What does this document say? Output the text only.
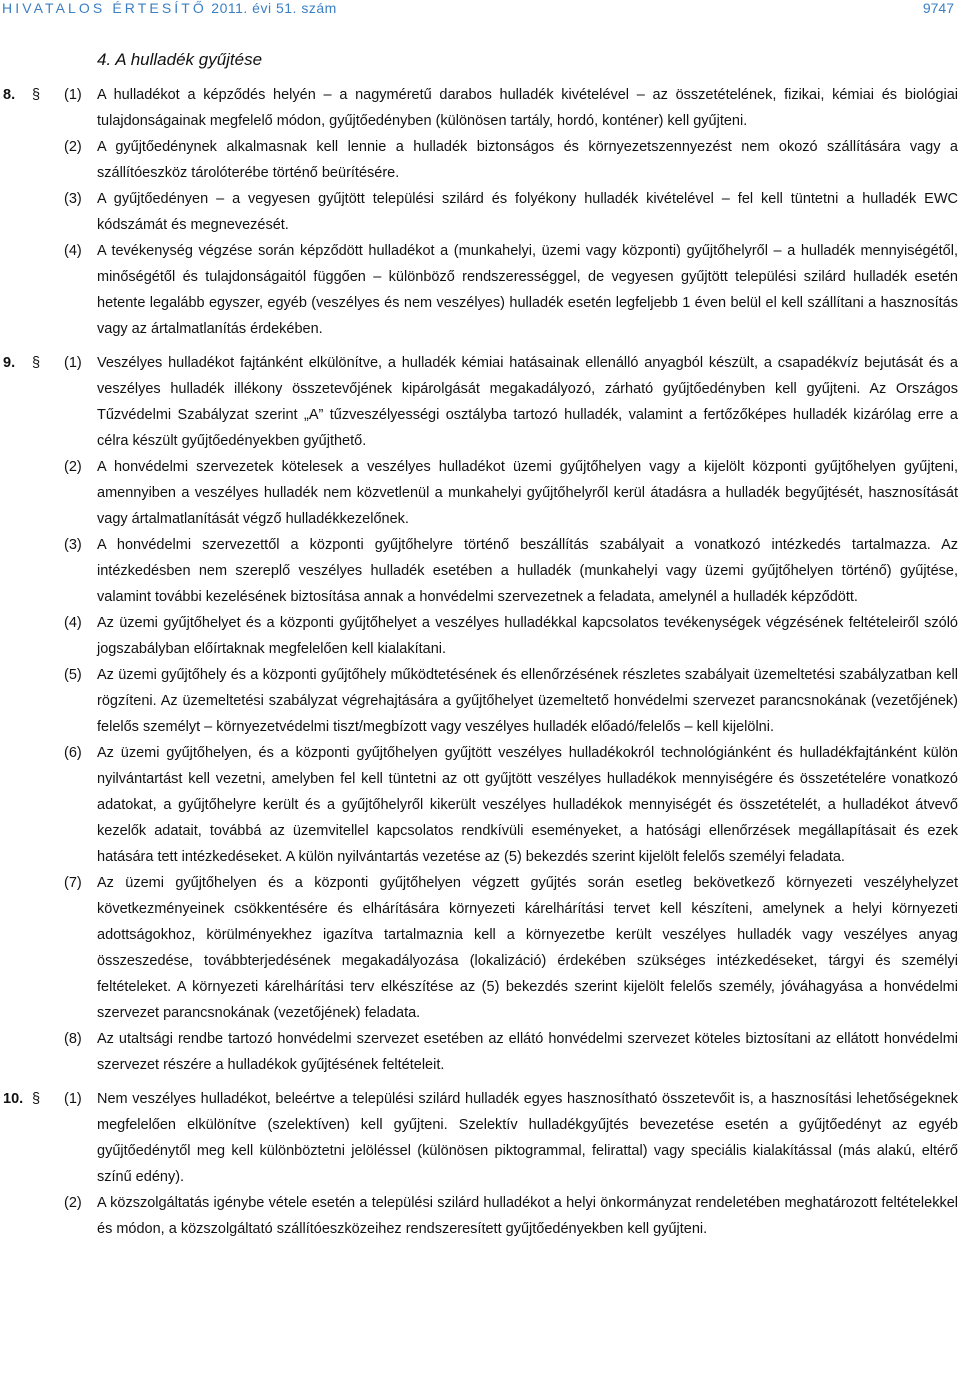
HIVATALOS ÉRTESÍTŐ 2011. évi 51. szám	9747
4. A hulladék gyűjtése
8. § (1) A hulladékot a képződés helyén – a nagyméretű darabos hulladék kivételével – az összetételének, fizikai, kémiai és biológiai tulajdonságainak megfelelő módon, gyűjtőedényben (különösen tartály, hordó, konténer) kell gyűjteni.

(2) A gyűjtőedénynek alkalmasnak kell lennie a hulladék biztonságos és környezetszennyezést nem okozó szállítására vagy a szállítóeszköz tárolóterébe történő beürítésére.

(3) A gyűjtőedényen – a vegyesen gyűjtött települési szilárd és folyékony hulladék kivételével – fel kell tüntetni a hulladék EWC kódszámát és megnevezését.

(4) A tevékenység végzése során képződött hulladékot a (munkahelyi, üzemi vagy központi) gyűjtőhelyről – a hulladék mennyiségétől, minőségétől és tulajdonságaitól függően – különböző rendszerességgel, de vegyesen gyűjtött települési szilárd hulladék esetén hetente legalább egyszer, egyéb (veszélyes és nem veszélyes) hulladék esetén legfeljebb 1 éven belül el kell szállítani a hasznosítás vagy az ártalmatlanítás érdekében.

9. § (1) Veszélyes hulladékot fajtánként elkülönítve, a hulladék kémiai hatásainak ellenálló anyagból készült, a csapadékvíz bejutását és a veszélyes hulladék illékony összetevőjének kipárolgását megakadályozó, zárható gyűjtőedényben kell gyűjteni. Az Országos Tűzvédelmi Szabályzat szerint „A” tűzveszélyességi osztályba tartozó hulladék, valamint a fertőzőképes hulladék kizárólag erre a célra készült gyűjtőedényekben gyűjthető.

(2) A honvédelmi szervezetek kötelesek a veszélyes hulladékot üzemi gyűjtőhelyen vagy a kijelölt központi gyűjtőhelyen gyűjteni, amennyiben a veszélyes hulladék nem közvetlenül a munkahelyi gyűjtőhelyről kerül átadásra a hulladék begyűjtését, hasznosítását vagy ártalmatlanítását végző hulladékkezelőnek.

(3) A honvédelmi szervezettől a központi gyűjtőhelyre történő beszállítás szabályait a vonatkozó intézkedés tartalmazza. Az intézkedésben nem szereplő veszélyes hulladék esetében a hulladék (munkahelyi vagy üzemi gyűjtőhelyen történő) gyűjtése, valamint további kezelésének biztosítása annak a honvédelmi szervezetnek a feladata, amelynél a hulladék képződött.

(4) Az üzemi gyűjtőhelyet és a központi gyűjtőhelyet a veszélyes hulladékkal kapcsolatos tevékenységek végzésének feltételeiről szóló jogszabályban előírtaknak megfelelően kell kialakítani.

(5) Az üzemi gyűjtőhely és a központi gyűjtőhely működtetésének és ellenőrzésének részletes szabályait üzemeltetési szabályzatban kell rögzíteni. Az üzemeltetési szabályzat végrehajtására a gyűjtőhelyet üzemeltető honvédelmi szervezet parancsnokának (vezetőjének) felelős személyt – környezetvédelmi tiszt/megbízott vagy veszélyes hulladék előadó/felelős – kell kijelölni.

(6) Az üzemi gyűjtőhelyen, és a központi gyűjtőhelyen gyűjtött veszélyes hulladékokról technológiánként és hulladékfajtánként külön nyilvántartást kell vezetni, amelyben fel kell tüntetni az ott gyűjtött veszélyes hulladékok mennyiségére és összetételére vonatkozó adatokat, a gyűjtőhelyre került és a gyűjtőhelyről kikerült veszélyes hulladékok mennyiségét és összetételét, a hulladékot átvevő kezelők adatait, továbbá az üzemvitellel kapcsolatos rendkívüli eseményeket, a hatósági ellenőrzések megállapításait és ezek hatására tett intézkedéseket. A külön nyilvántartás vezetése az (5) bekezdés szerint kijelölt felelős személyi feladata.

(7) Az üzemi gyűjtőhelyen és a központi gyűjtőhelyen végzett gyűjtés során esetleg bekövetkező környezeti veszélyhelyzet következményeinek csökkentésére és elhárítására környezeti kárelhárítási tervet kell készíteni, amelynek a helyi környezeti adottságokhoz, körülményekhez igazítva tartalmaznia kell a környezetbe került veszélyes hulladék vagy veszélyes anyag összeszedése, továbbterjedésének megakadályozása (lokalizáció) érdekében szükséges intézkedéseket, tárgyi és személyi feltételeket. A környezeti kárelhárítási terv elkészítése az (5) bekezdés szerint kijelölt felelős személy, jóváhagyása a honvédelmi szervezet parancsnokának (vezetőjének) feladata.

(8) Az utaltsági rendbe tartozó honvédelmi szervezet esetében az ellátó honvédelmi szervezet köteles biztosítani az ellátott honvédelmi szervezet részére a hulladékok gyűjtésének feltételeit.

10. § (1) Nem veszélyes hulladékot, beleértve a települési szilárd hulladék egyes hasznosítható összetevőit is, a hasznosítási lehetőségeknek megfelelően elkülönítve (szelektíven) kell gyűjteni. Szelektív hulladékgyűjtés bevezetése esetén a gyűjtőedényt az egyéb gyűjtőedénytől meg kell különböztetni jelöléssel (különösen piktogrammal, felirattal) vagy speciális kialakítással (más alakú, eltérő színű edény).

(2) A közszolgáltatás igénybe vétele esetén a települési szilárd hulladékot a helyi önkormányzat rendeletében meghatározott feltételekkel és módon, a közszolgáltató szállítóeszközeihez rendszeresített gyűjtőedényekben kell gyűjteni.
